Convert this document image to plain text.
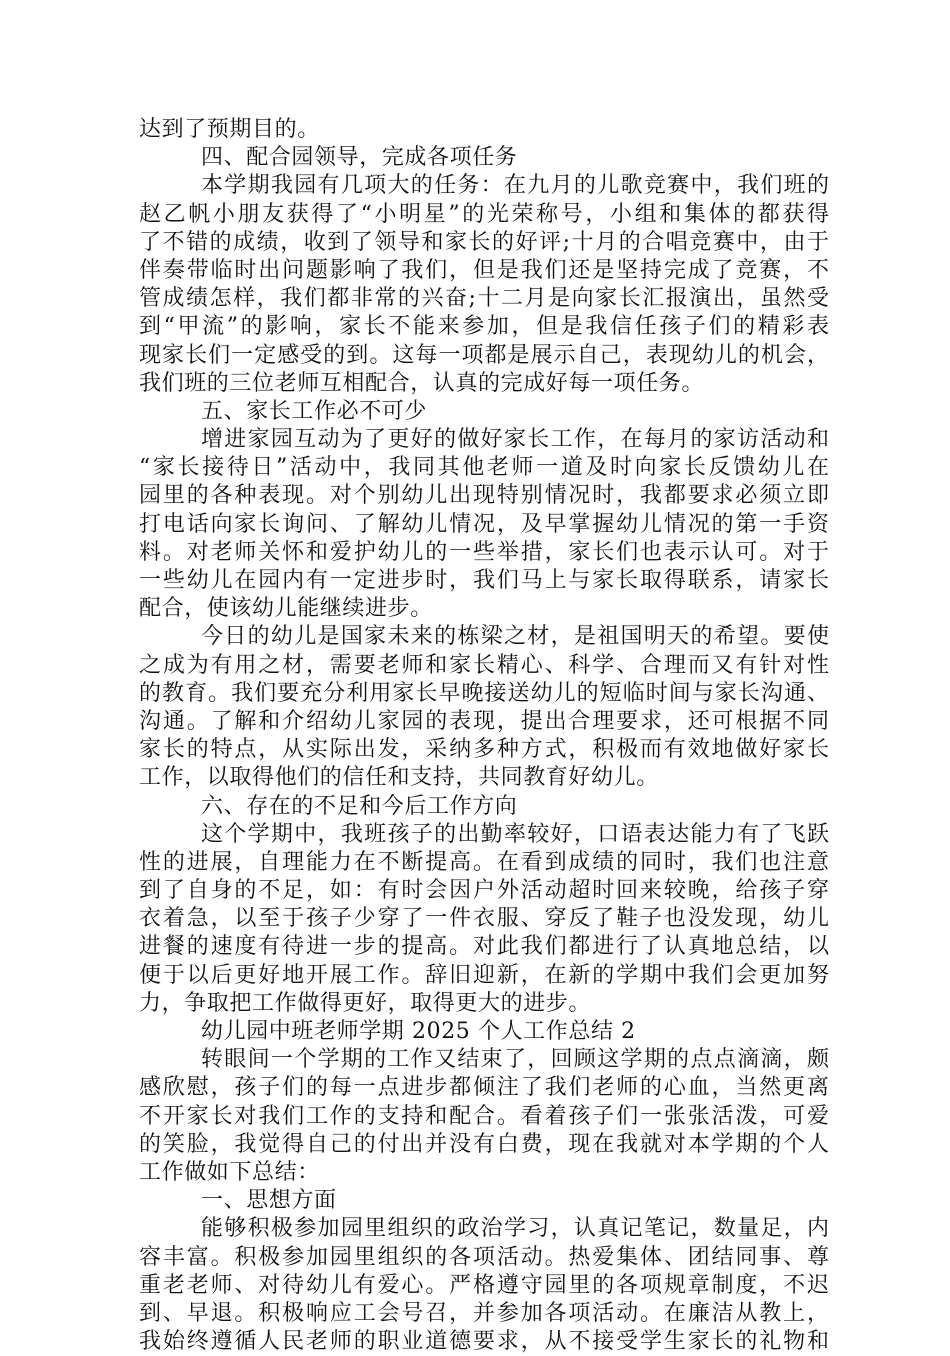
达到了预期目的。
四、配合园领导，完成各项任务
本学期我园有几项大的任务：在九月的儿歌竞赛中，我们班的
赵乙帆小朋友获得了“小明星”的光荣称号，小组和集体的都获得
了不错的成绩，收到了领导和家长的好评;十月的合唱竞赛中，由于
伴奏带临时出问题影响了我们，但是我们还是坚持完成了竞赛，不
管成绩怎样，我们都非常的兴奋;十二月是向家长汇报演出，虽然受
到“甲流”的影响，家长不能来参加，但是我信任孩子们的精彩表
现家长们一定感受的到。这每一项都是展示自己，表现幼儿的机会，
我们班的三位老师互相配合，认真的完成好每一项任务。
五、家长工作必不可少
增进家园互动为了更好的做好家长工作，在每月的家访活动和
“家长接待日”活动中，我同其他老师一道及时向家长反馈幼儿在
园里的各种表现。对个别幼儿出现特别情况时，我都要求必须立即
打电话向家长询问、了解幼儿情况，及早掌握幼儿情况的第一手资
料。对老师关怀和爱护幼儿的一些举措，家长们也表示认可。对于
一些幼儿在园内有一定进步时，我们马上与家长取得联系，请家长
配合，使该幼儿能继续进步。
今日的幼儿是国家未来的栋梁之材，是祖国明天的希望。要使
之成为有用之材，需要老师和家长精心、科学、合理而又有针对性
的教育。我们要充分利用家长早晚接送幼儿的短临时间与家长沟通、
沟通。了解和介绍幼儿家园的表现，提出合理要求，还可根据不同
家长的特点，从实际出发，采纳多种方式，积极而有效地做好家长
工作，以取得他们的信任和支持，共同教育好幼儿。
六、存在的不足和今后工作方向
这个学期中，我班孩子的出勤率较好，口语表达能力有了飞跃
性的进展，自理能力在不断提高。在看到成绩的同时，我们也注意
到了自身的不足，如：有时会因户外活动超时回来较晚，给孩子穿
衣着急，以至于孩子少穿了一件衣服、穿反了鞋子也没发现，幼儿
进餐的速度有待进一步的提高。对此我们都进行了认真地总结，以
便于以后更好地开展工作。辞旧迎新，在新的学期中我们会更加努
力，争取把工作做得更好，取得更大的进步。
幼儿园中班老师学期 2025 个人工作总结 2
转眼间一个学期的工作又结束了，回顾这学期的点点滴滴，颇
感欣慰，孩子们的每一点进步都倾注了我们老师的心血，当然更离
不开家长对我们工作的支持和配合。看着孩子们一张张活泼，可爱
的笑脸，我觉得自己的付出并没有白费，现在我就对本学期的个人
工作做如下总结：
一、思想方面
能够积极参加园里组织的政治学习，认真记笔记，数量足，内
容丰富。积极参加园里组织的各项活动。热爱集体、团结同事、尊
重老老师、对待幼儿有爱心。严格遵守园里的各项规章制度，不迟
到、早退。积极响应工会号召，并参加各项活动。在廉洁从教上，
我始终遵循人民老师的职业道德要求，从不接受学生家长的礼物和
